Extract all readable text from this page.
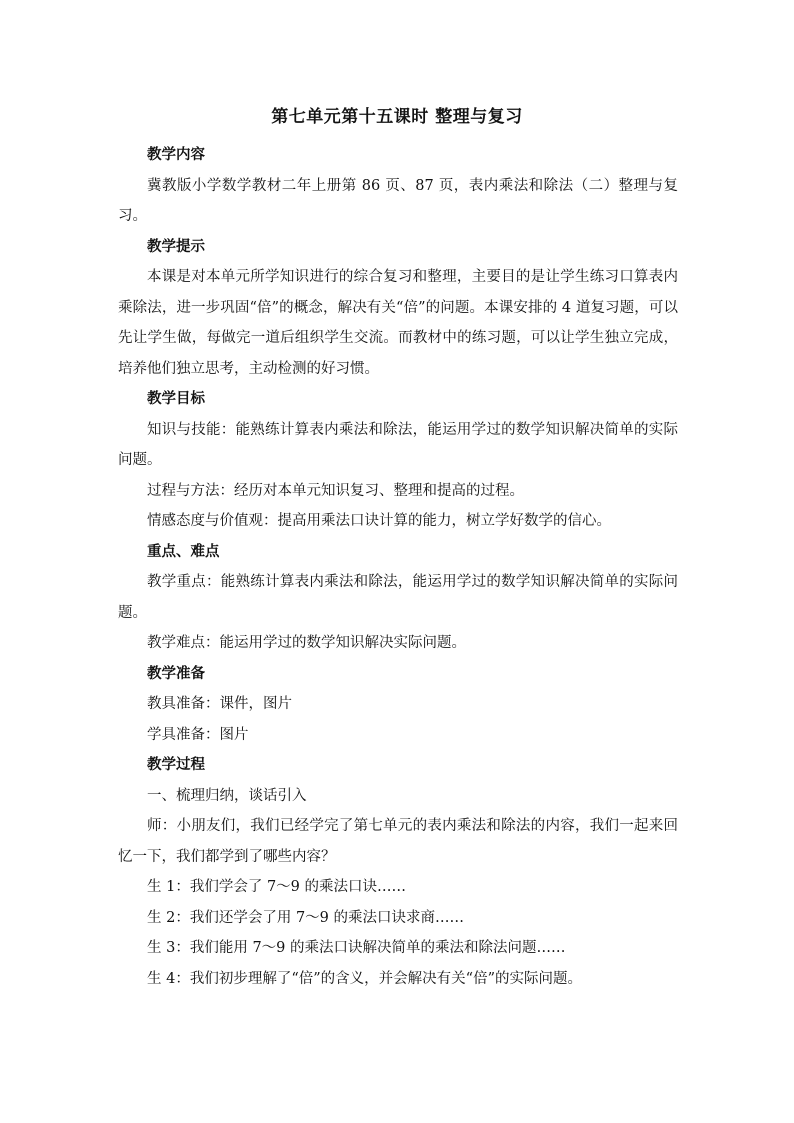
第七单元第十五课时 整理与复习
教学内容

冀教版小学数学教材二年上册第 86 页、87 页，表内乘法和除法（二）整理与复习。

教学提示

本课是对本单元所学知识进行的综合复习和整理，主要目的是让学生练习口算表内乘除法，进一步巩固“倍”的概念，解决有关“倍”的问题。本课安排的 4 道复习题，可以先让学生做，每做完一道后组织学生交流。而教材中的练习题，可以让学生独立完成，培养他们独立思考，主动检测的好习惯。

教学目标

知识与技能：能熟练计算表内乘法和除法，能运用学过的数学知识解决简单的实际问题。

过程与方法：经历对本单元知识复习、整理和提高的过程。

情感态度与价值观：提高用乘法口诀计算的能力，树立学好数学的信心。

重点、难点

教学重点：能熟练计算表内乘法和除法，能运用学过的数学知识解决简单的实际问题。

教学难点：能运用学过的数学知识解决实际问题。

教学准备

教具准备：课件，图片

学具准备：图片

教学过程

一、梳理归纳，谈话引入

师：小朋友们，我们已经学完了第七单元的表内乘法和除法的内容，我们一起来回忆一下，我们都学到了哪些内容？

生 1：我们学会了 7～9 的乘法口诀……

生 2：我们还学会了用 7～9 的乘法口诀求商……

生 3：我们能用 7～9 的乘法口诀解决简单的乘法和除法问题……

生 4：我们初步理解了“倍”的含义，并会解决有关“倍”的实际问题。
